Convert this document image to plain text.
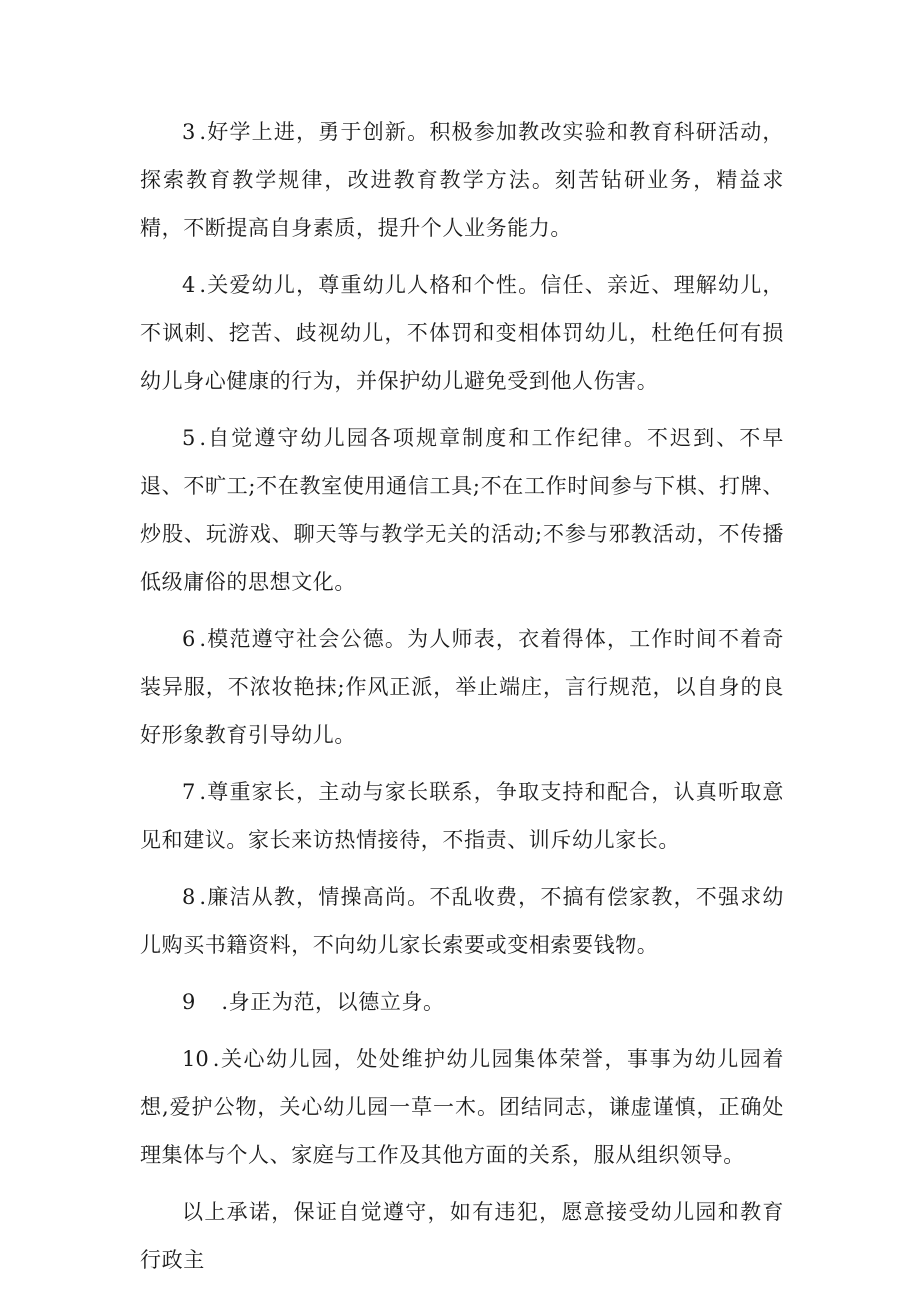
3 .好学上进，勇于创新。积极参加教改实验和教育科研活动，探索教育教学规律，改进教育教学方法。刻苦钻研业务，精益求精，不断提高自身素质，提升个人业务能力。

4 .关爱幼儿，尊重幼儿人格和个性。信任、亲近、理解幼儿，不讽刺、挖苦、歧视幼儿，不体罚和变相体罚幼儿，杜绝任何有损幼儿身心健康的行为，并保护幼儿避免受到他人伤害。

5 .自觉遵守幼儿园各项规章制度和工作纪律。不迟到、不早退、不旷工;不在教室使用通信工具;不在工作时间参与下棋、打牌、炒股、玩游戏、聊天等与教学无关的活动;不参与邪教活动，不传播低级庸俗的思想文化。

6 .模范遵守社会公德。为人师表，衣着得体，工作时间不着奇装异服，不浓妆艳抹;作风正派，举止端庄，言行规范，以自身的良好形象教育引导幼儿。

7 .尊重家长，主动与家长联系，争取支持和配合，认真听取意见和建议。家长来访热情接待，不指责、训斥幼儿家长。

8 .廉洁从教，情操高尚。不乱收费，不搞有偿家教，不强求幼儿购买书籍资料，不向幼儿家长索要或变相索要钱物。

9 .身正为范，以德立身。

10 .关心幼儿园，处处维护幼儿园集体荣誉，事事为幼儿园着想,爱护公物，关心幼儿园一草一木。团结同志，谦虚谨慎，正确处理集体与个人、家庭与工作及其他方面的关系，服从组织领导。

以上承诺，保证自觉遵守，如有违犯，愿意接受幼儿园和教育行政主
